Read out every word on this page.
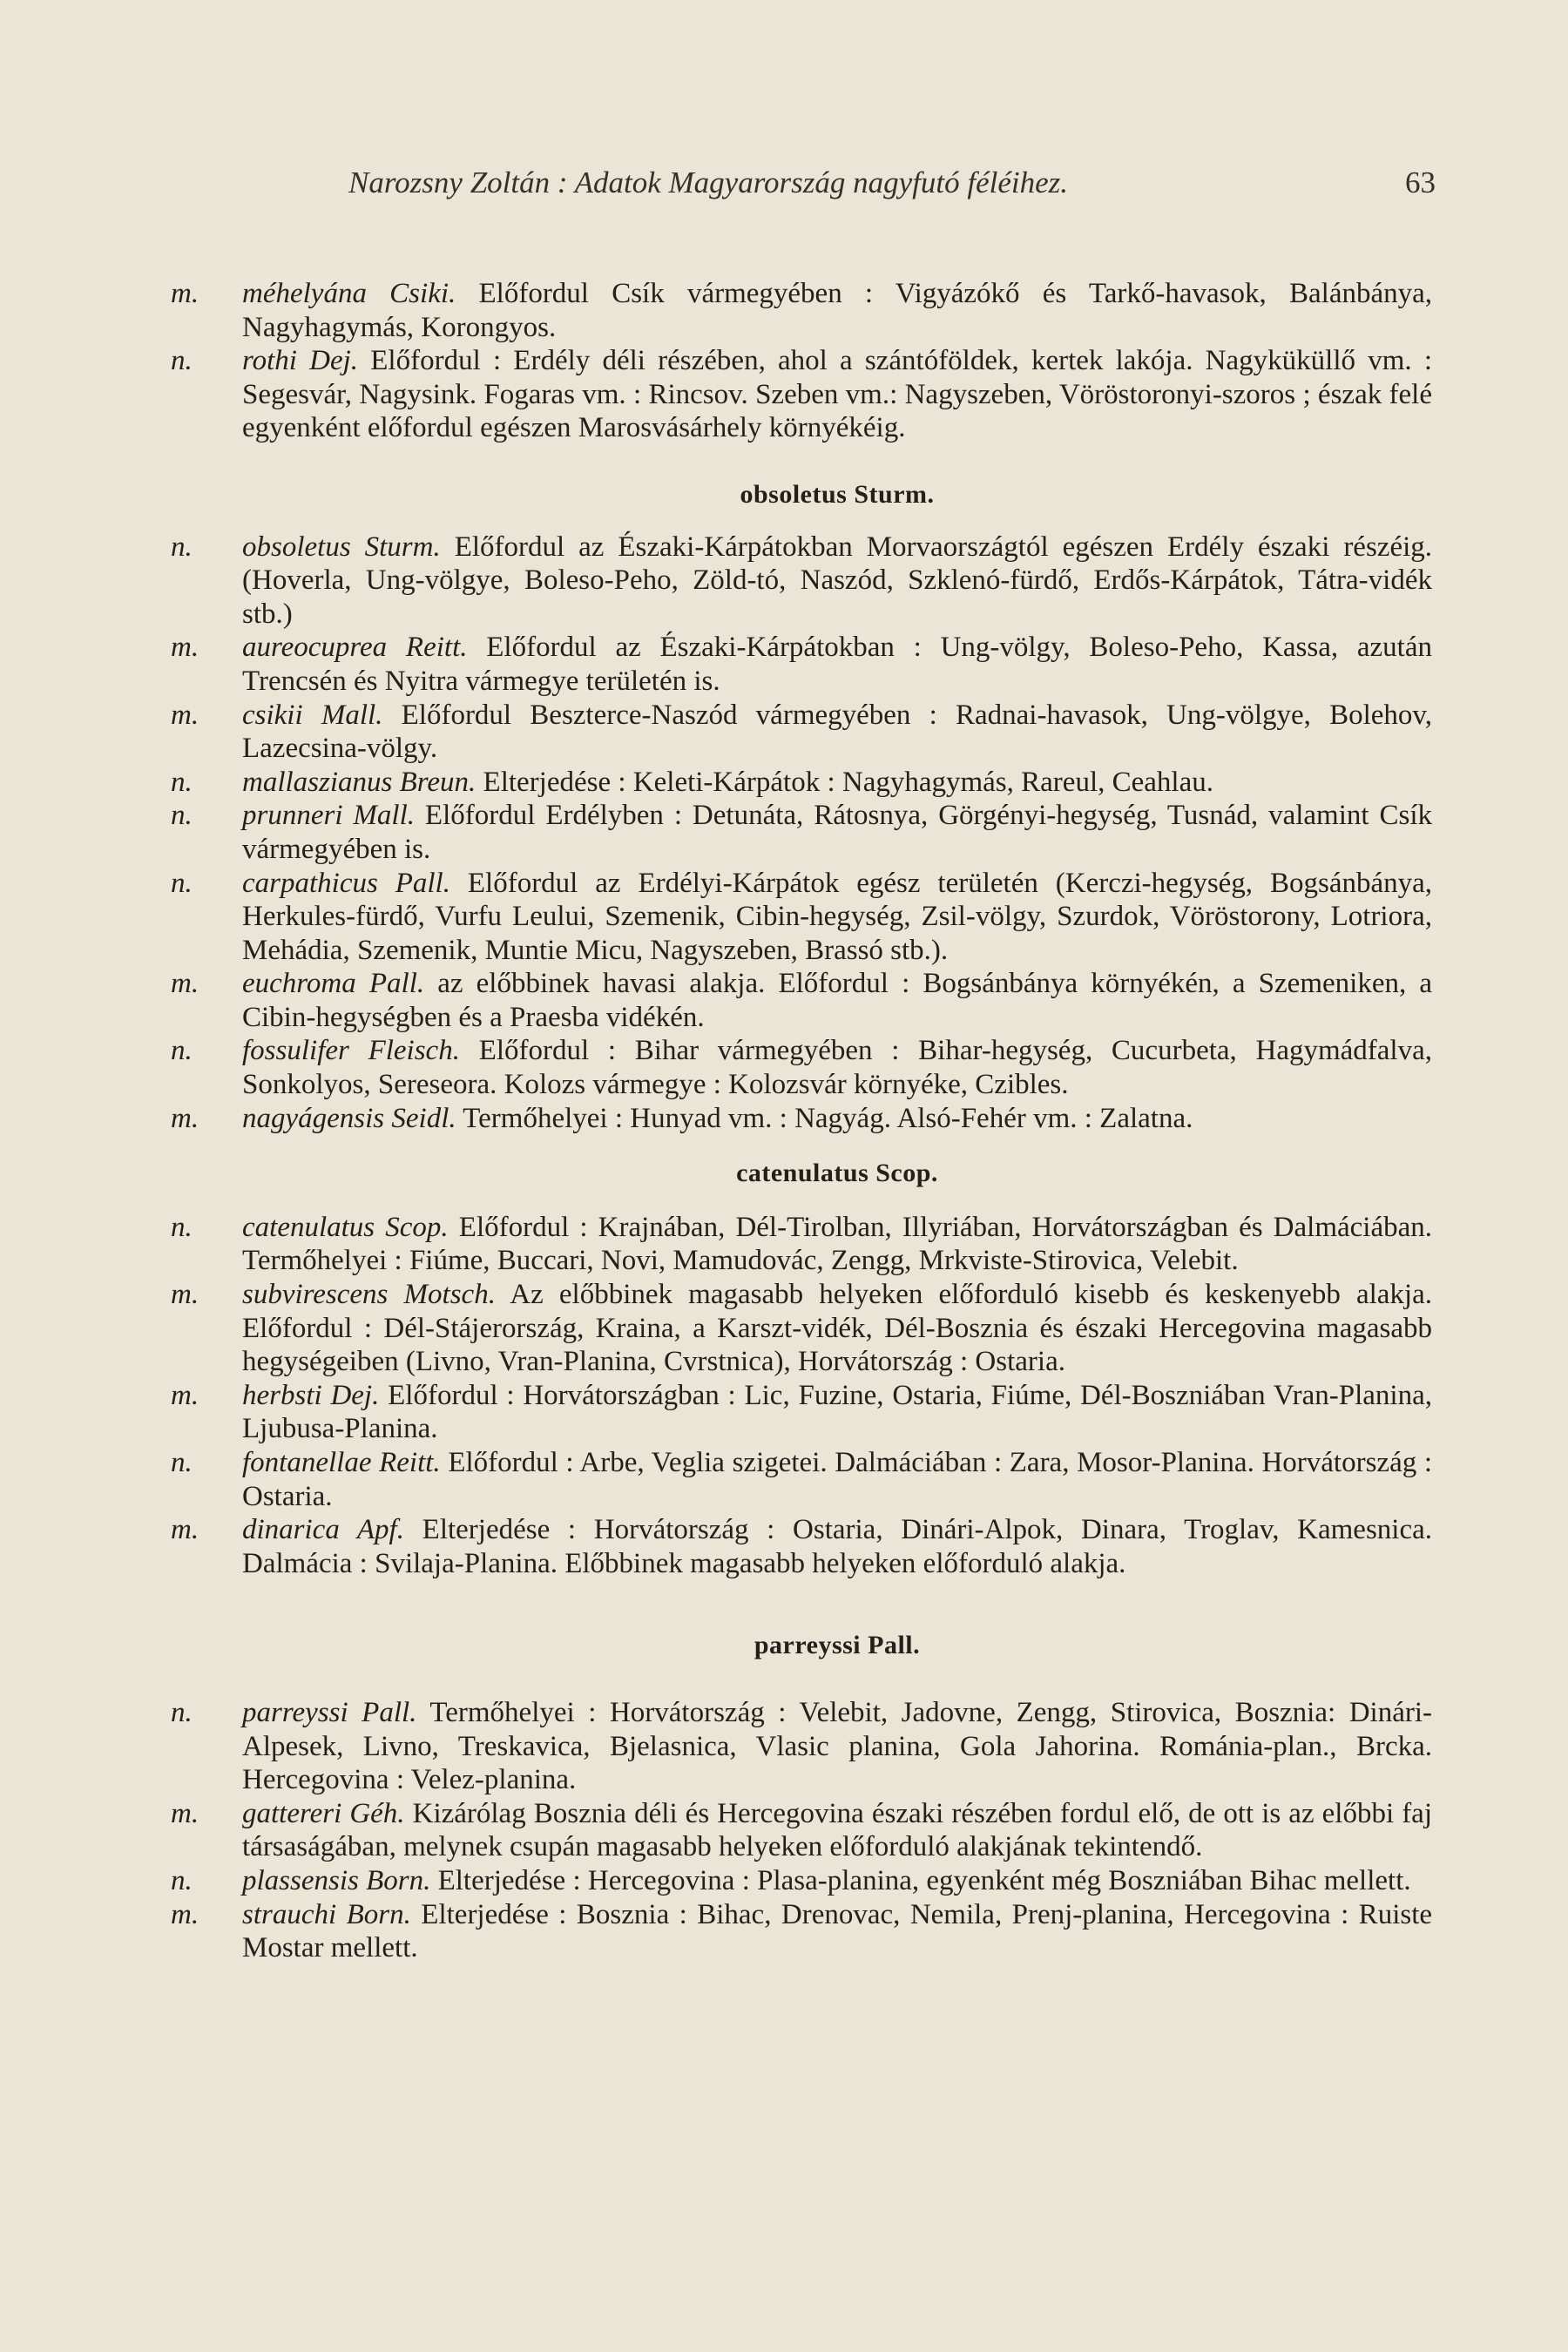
Narozsny Zoltán : Adatok Magyarország nagyfutó féléihez.	63
m. méhelyána Csiki. Előfordul Csík vármegyében : Vigyázókő és Tarkő-havasok, Balánbánya, Nagyhagymás, Korongyos.
n. rothi Dej. Előfordul : Erdély déli részében, ahol a szántóföldek, kertek lakója. Nagyküküllő vm. : Segesvár, Nagysink. Fogaras vm. : Rincsov. Szeben vm.: Nagyszeben, Vöröstoronyi-szoros ; észak felé egyenként előfordul egészen Marosvásárhely környékéig.
obsoletus Sturm.
n. obsoletus Sturm. Előfordul az Északi-Kárpátokban Morvaországtól egészen Erdély északi részéig. (Hoverla, Ung-völgye, Boleso-Peho, Zöld-tó, Naszód, Szklenó-fürdő, Erdős-Kárpátok, Tátra-vidék stb.)
m. aureocuprea Reitt. Előfordul az Északi-Kárpátokban : Ung-völgy, Boleso-Peho, Kassa, azután Trencsén és Nyitra vármegye területén is.
m. csikii Mall. Előfordul Beszterce-Naszód vármegyében : Radnai-havasok, Ung-völgye, Bolehov, Lazecsina-völgy.
n. mallaszianus Breun. Elterjedése : Keleti-Kárpátok : Nagyhagymás, Rareul, Ceahlau.
n. prunneri Mall. Előfordul Erdélyben : Detunáta, Rátosnya, Görgényi-hegység, Tusnád, valamint Csík vármegyében is.
n. carpathicus Pall. Előfordul az Erdélyi-Kárpátok egész területén (Kerczi-hegység, Bogsánbánya, Herkules-fürdő, Vurfu Leului, Szemenik, Cibin-hegység, Zsil-völgy, Szurdok, Vöröstorony, Lotriora, Mehádia, Szemenik, Muntie Micu, Nagyszeben, Brassó stb.).
m. euchroma Pall. az előbbinek havasi alakja. Előfordul : Bogsánbánya környékén, a Szemeniken, a Cibin-hegységben és a Praesba vidékén.
n. fossulifer Fleisch. Előfordul : Bihar vármegyében : Bihar-hegység, Cucurbeta, Hagymádfalva, Sonkolyos, Sereseora. Kolozs vármegye : Kolozsvár környéke, Czibles.
m. nagyágensis Seidl. Termőhelyei : Hunyad vm. : Nagyág. Alsó-Fehér vm. : Zalatna.
catenulatus Scop.
n. catenulatus Scop. Előfordul : Krajnában, Dél-Tirolban, Illyriában, Horvátországban és Dalmáciában. Termőhelyei : Fiúme, Buccari, Novi, Mamudovác, Zengg, Mrkviste-Stirovica, Velebit.
m. subvirescens Motsch. Az előbbinek magasabb helyeken előforduló kisebb és keskenyebb alakja. Előfordul : Dél-Stájerország, Kraina, a Karszt-vidék, Dél-Bosznia és északi Hercegovina magasabb hegységeiben (Livno, Vran-Planina, Cvrstnica), Horvátország : Ostaria.
m. herbsti Dej. Előfordul : Horvátországban : Lic, Fuzine, Ostaria, Fiúme, Dél-Boszniában Vran-Planina, Ljubusa-Planina.
n. fontanellae Reitt. Előfordul : Arbe, Veglia szigetei. Dalmáciában : Zara, Mosor-Planina. Horvátország : Ostaria.
m. dinarica Apf. Elterjedése : Horvátország : Ostaria, Dinári-Alpok, Dinara, Troglav, Kamesnica. Dalmácia : Svilaja-Planina. Előbbinek magasabb helyeken előforduló alakja.
parreyssi Pall.
n. parreyssi Pall. Termőhelyei : Horvátország : Velebit, Jadovne, Zengg, Stirovica, Bosznia: Dinári-Alpesek, Livno, Treskavica, Bjelasnica, Vlasic planina, Gola Jahorina. Románia-plan., Brcka. Hercegovina : Velez-planina.
m. gattereri Géh. Kizárólag Bosznia déli és Hercegovina északi részében fordul elő, de ott is az előbbi faj társaságában, melynek csupán magasabb helyeken előforduló alakjának tekintendő.
n. plassensis Born. Elterjedése : Hercegovina : Plasa-planina, egyenként még Boszniában Bihac mellett.
m. strauchi Born. Elterjedése : Bosznia : Bihac, Drenovac, Nemila, Prenj-planina, Hercegovina : Ruiste Mostar mellett.
